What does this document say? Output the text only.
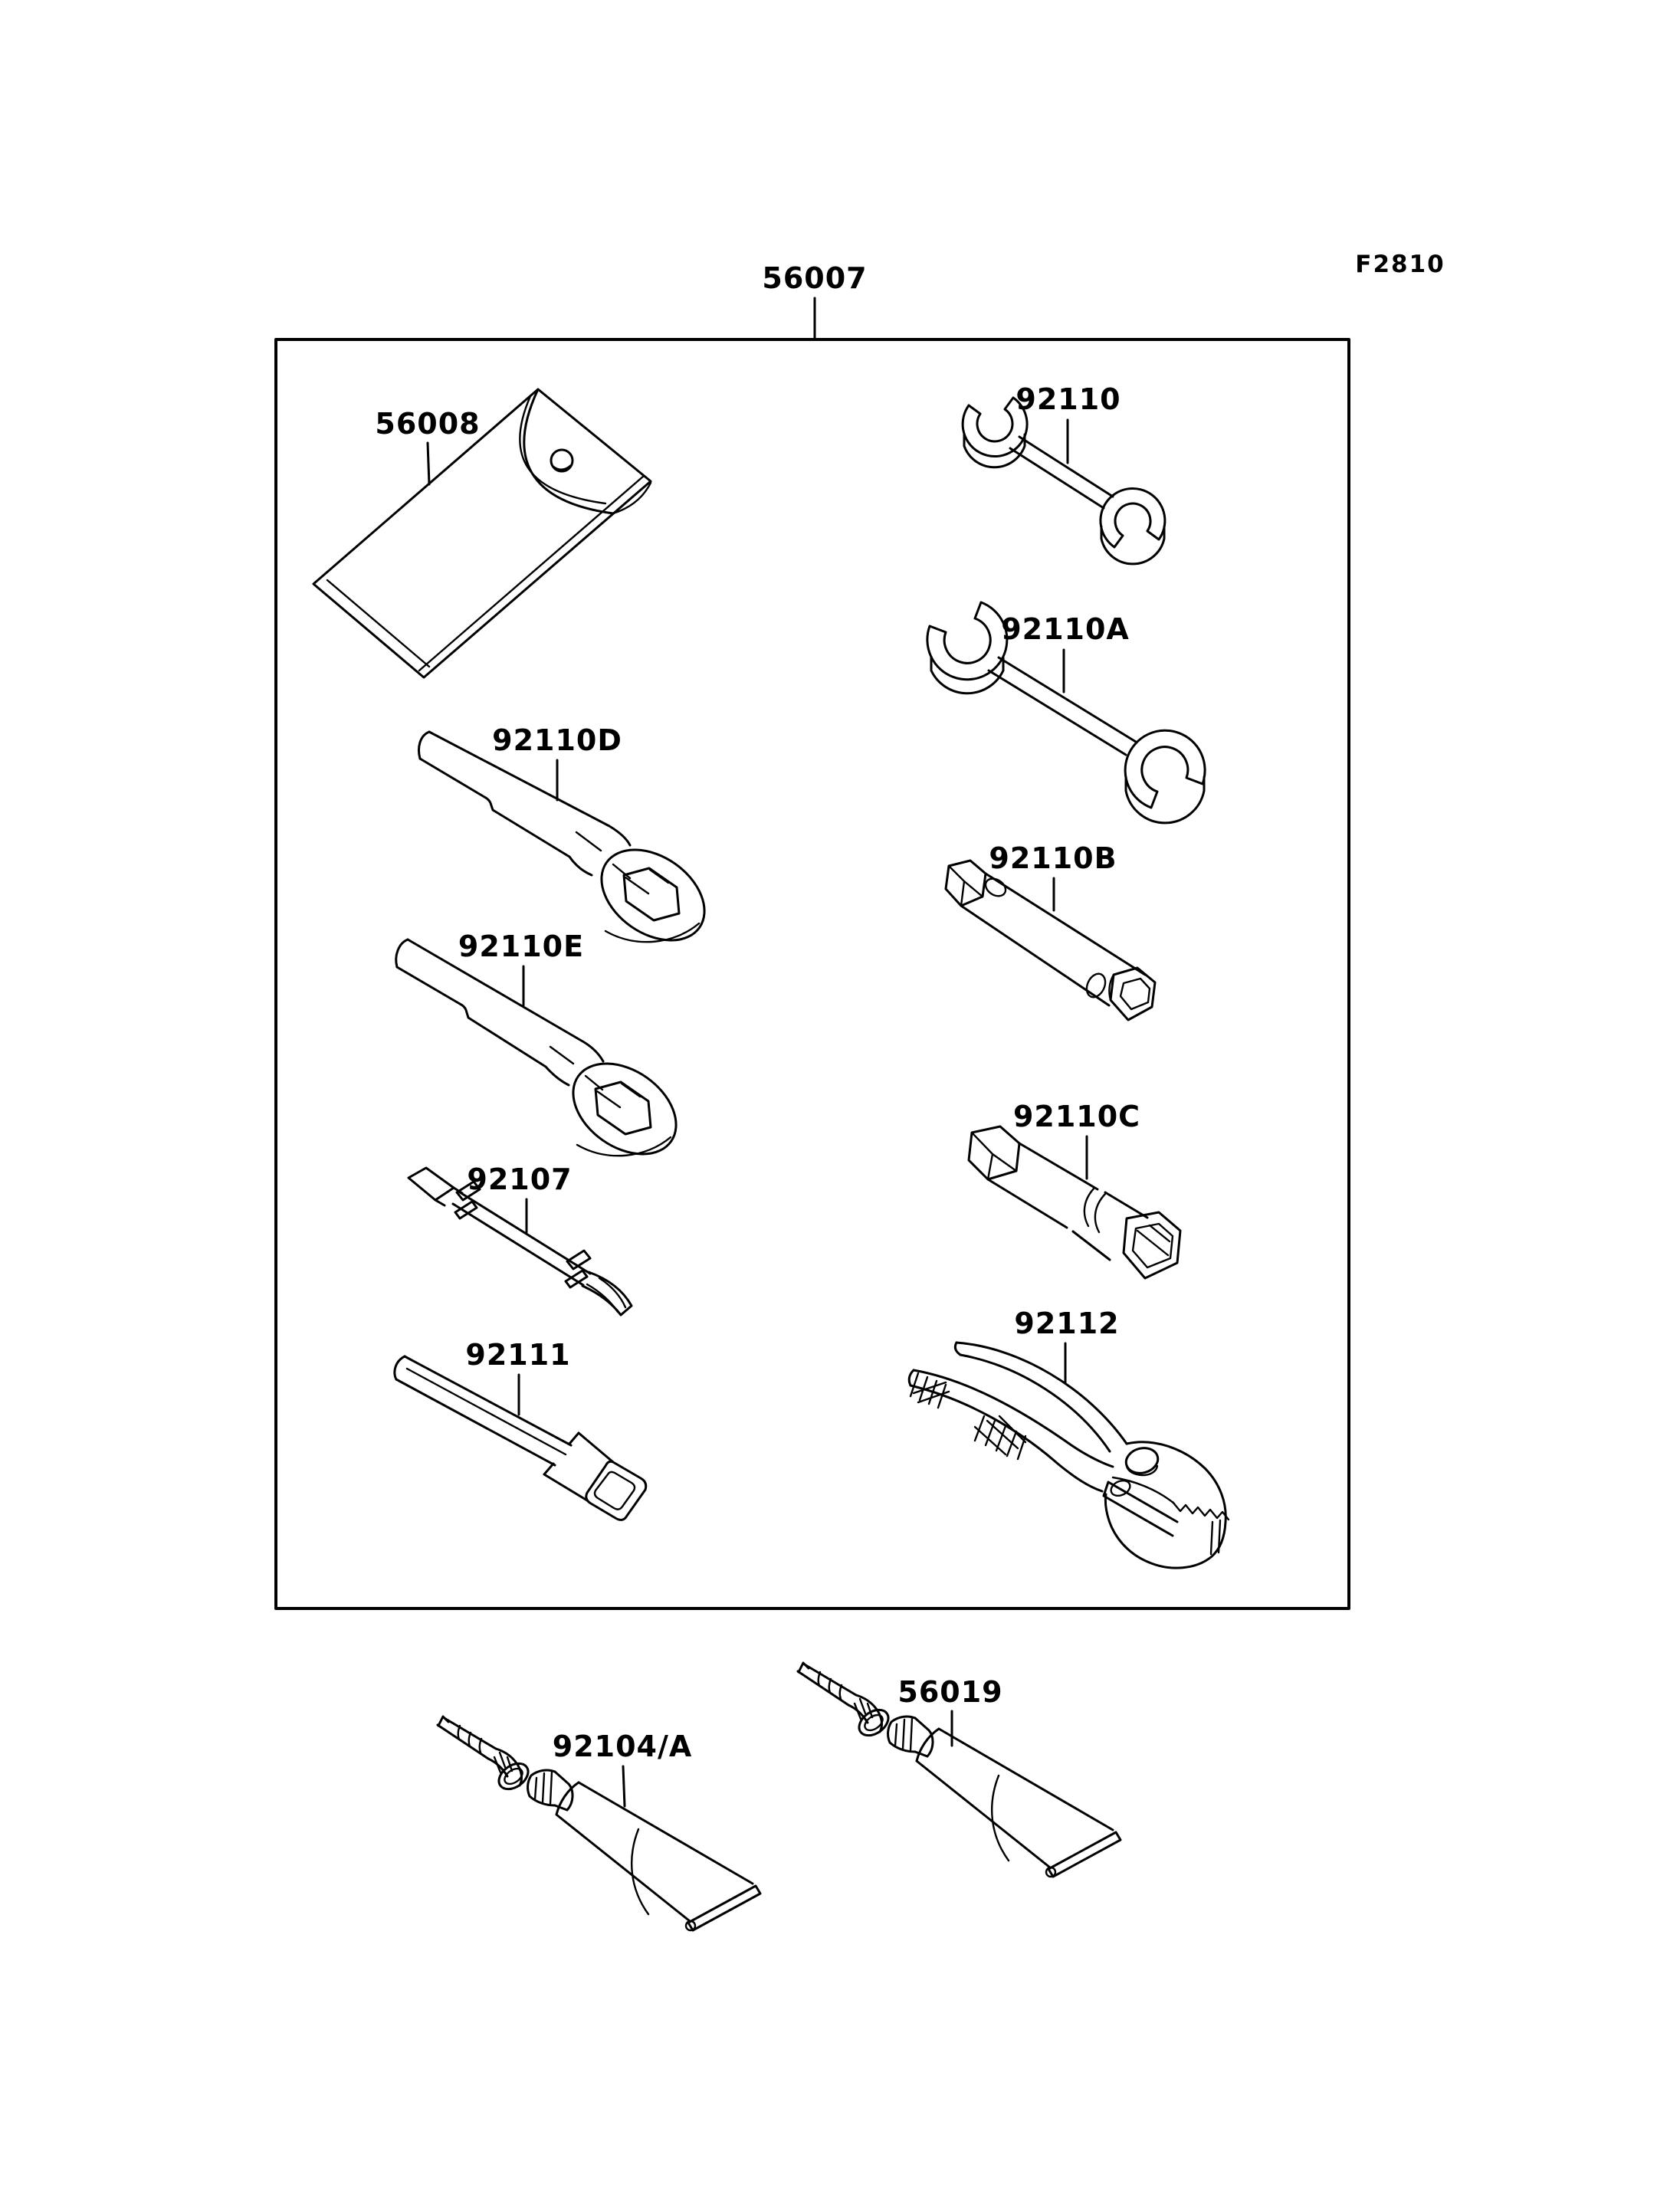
F2810
56007
56008
92110
92110A
92110D
92110E
92107
92111
92110B
92110C
92112
92104/A
56019
